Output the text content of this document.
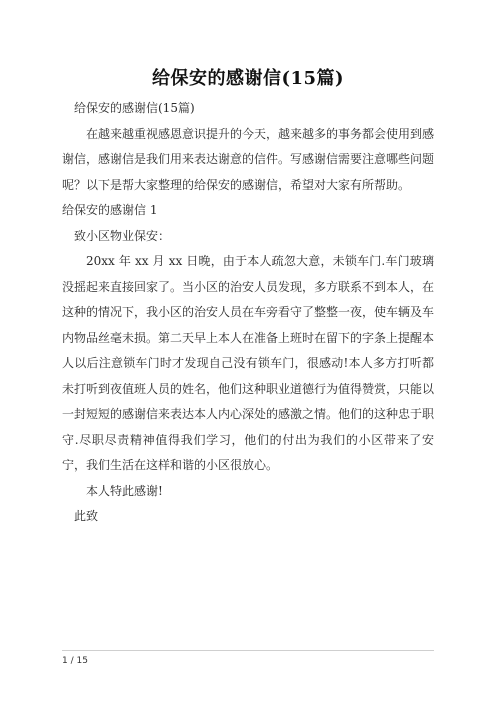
给保安的感谢信(15篇)

给保安的感谢信(15篇)

在越来越重视感恩意识提升的今天，越来越多的事务都会使用到感谢信，感谢信是我们用来表达谢意的信件。写感谢信需要注意哪些问题呢？以下是帮大家整理的给保安的感谢信，希望对大家有所帮助。

给保安的感谢信 1

致小区物业保安：

20xx 年 xx 月 xx 日晚，由于本人疏忽大意，未锁车门.车门玻璃没摇起来直接回家了。当小区的治安人员发现，多方联系不到本人，在这种的情况下，我小区的治安人员在车旁看守了整整一夜，使车辆及车内物品丝毫未损。第二天早上本人在准备上班时在留下的字条上提醒本人以后注意锁车门时才发现自己没有锁车门，很感动!本人多方打听都未打听到夜值班人员的姓名，他们这种职业道德行为值得赞赏，只能以一封短短的感谢信来表达本人内心深处的感激之情。他们的这种忠于职守.尽职尽责精神值得我们学习，他们的付出为我们的小区带来了安宁，我们生活在这样和谐的小区很放心。

本人特此感谢!

此致

1 / 15
